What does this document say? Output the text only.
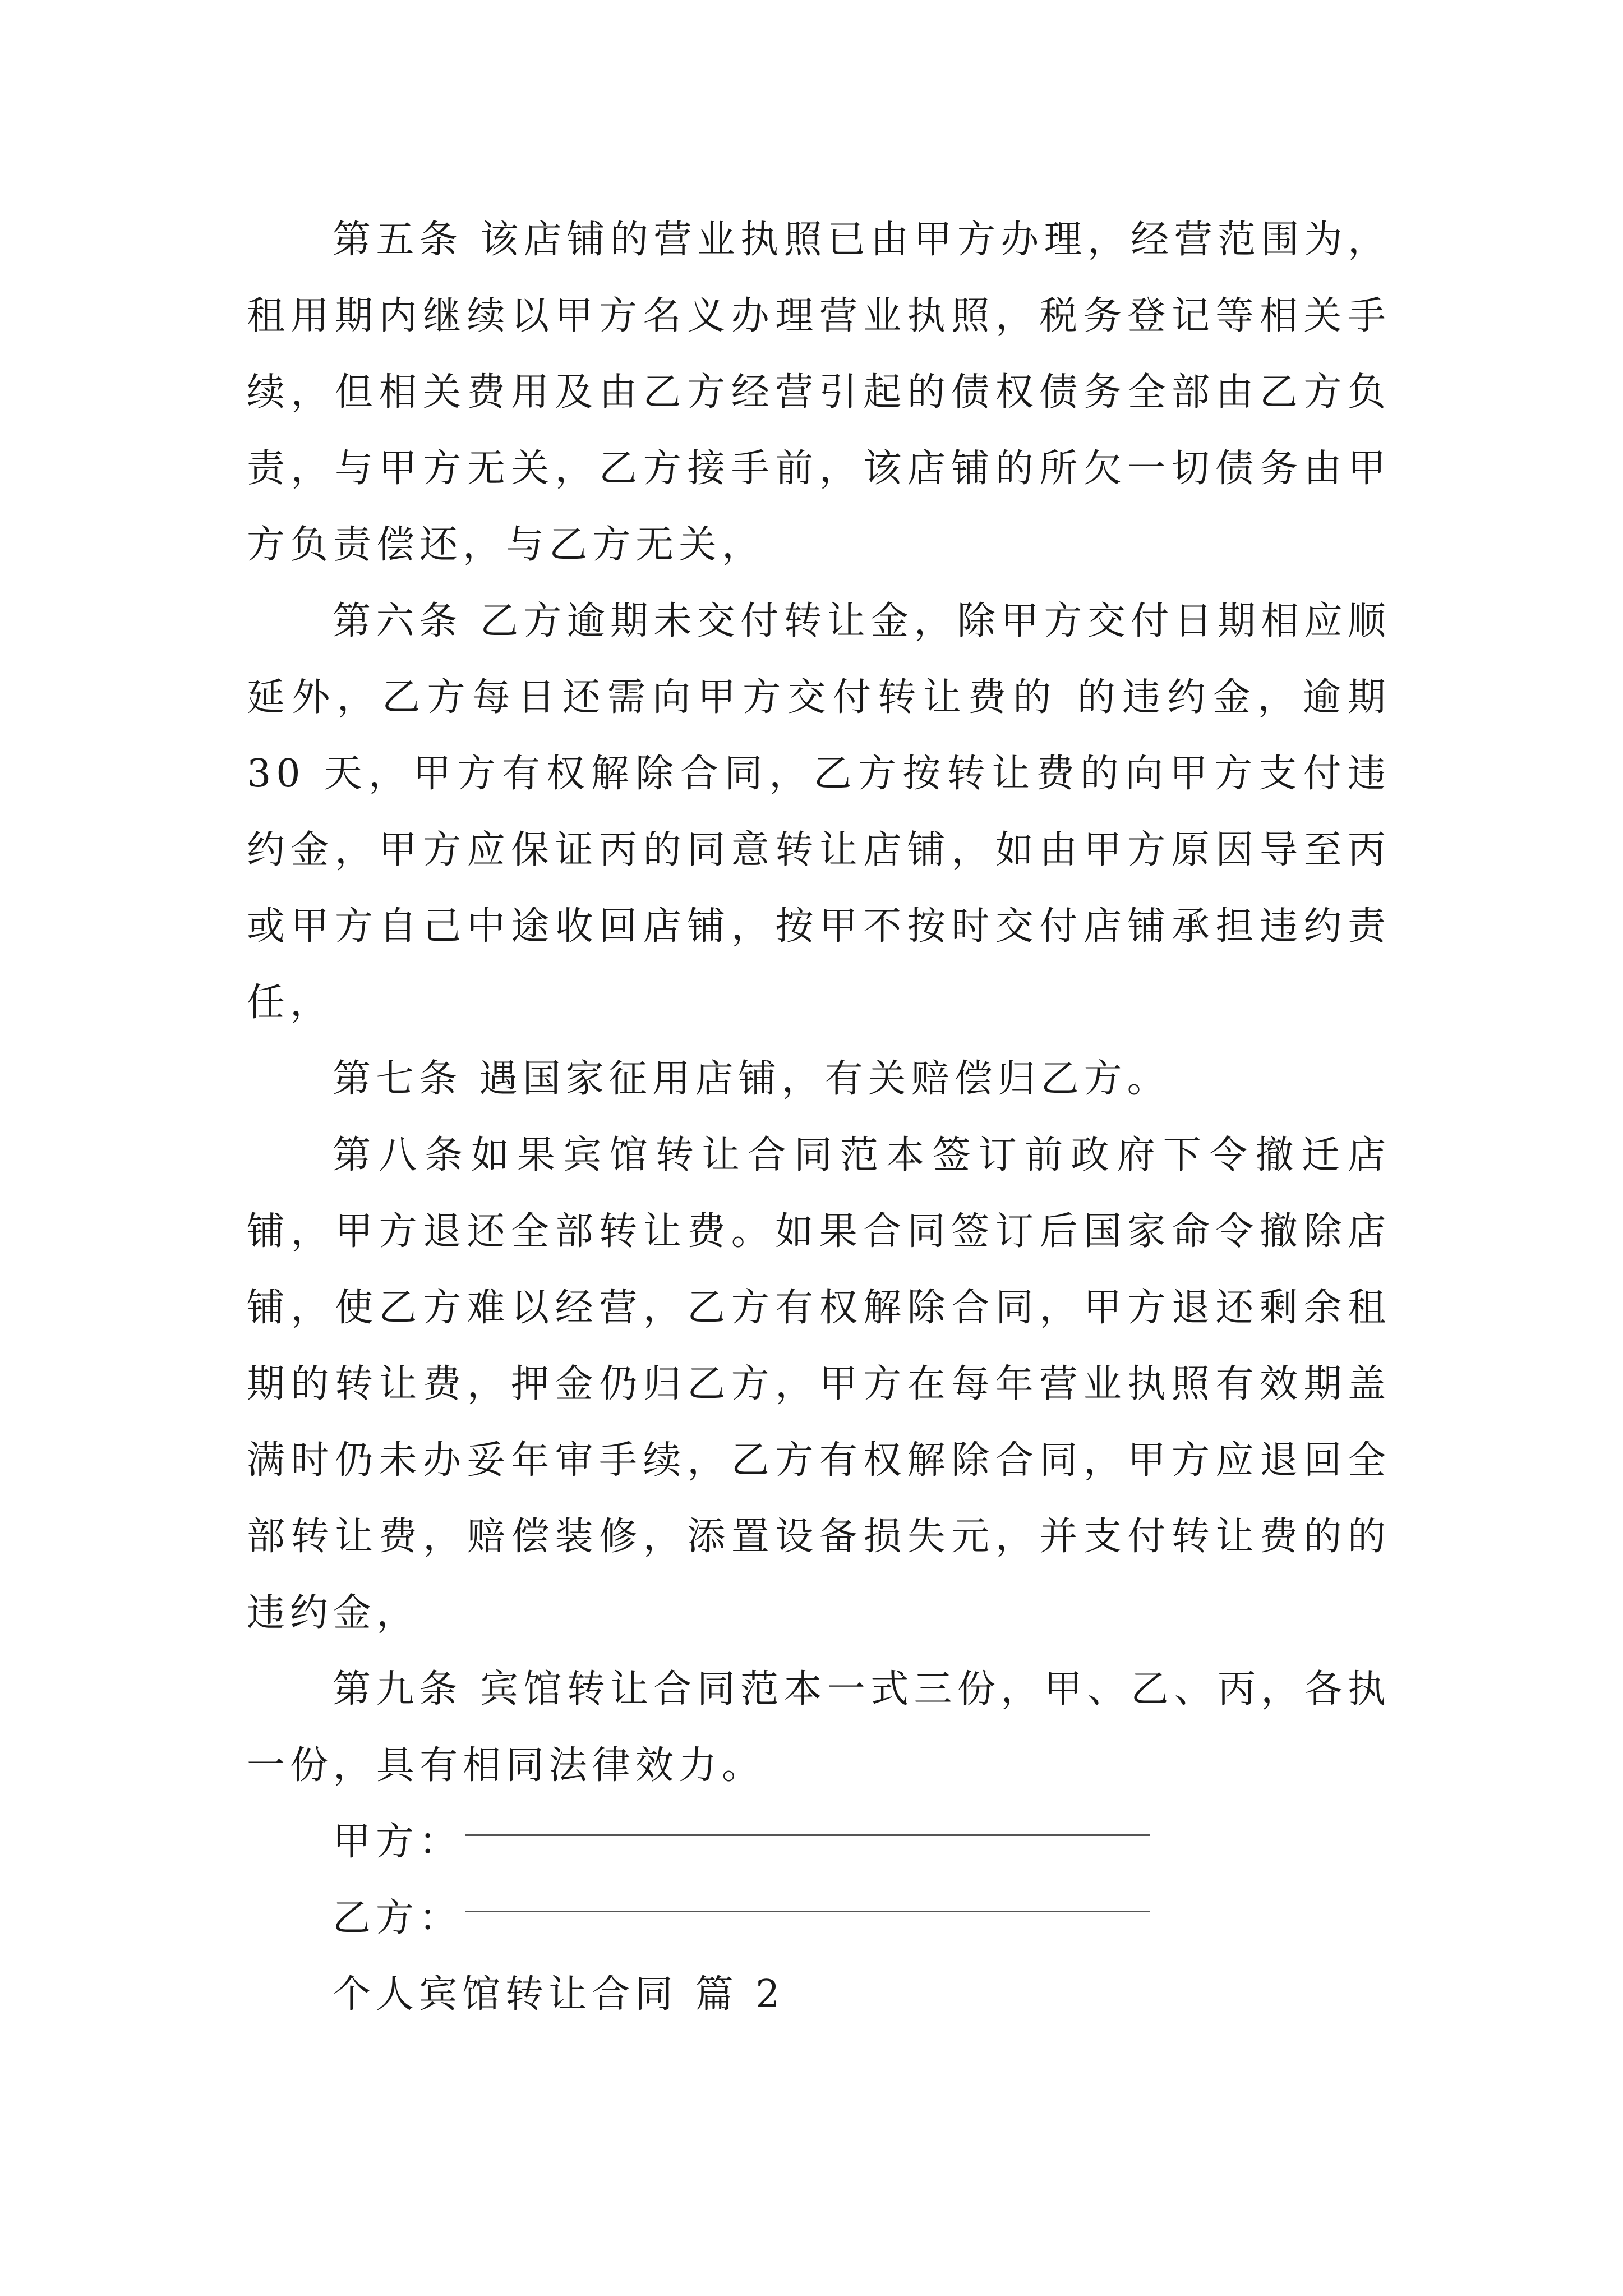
第五条 该店铺的营业执照已由甲方办理，经营范围为，租用期内继续以甲方名义办理营业执照，税务登记等相关手续，但相关费用及由乙方经营引起的债权债务全部由乙方负责，与甲方无关，乙方接手前，该店铺的所欠一切债务由甲方负责偿还，与乙方无关，

第六条 乙方逾期未交付转让金，除甲方交付日期相应顺延外，乙方每日还需向甲方交付转让费的 的违约金，逾期 30 天，甲方有权解除合同，乙方按转让费的向甲方支付违约金，甲方应保证丙的同意转让店铺，如由甲方原因导至丙或甲方自己中途收回店铺，按甲不按时交付店铺承担违约责任，

第七条 遇国家征用店铺，有关赔偿归乙方。

第八条如果宾馆转让合同范本签订前政府下令撤迁店铺，甲方退还全部转让费。如果合同签订后国家命令撤除店铺，使乙方难以经营，乙方有权解除合同，甲方退还剩余租期的转让费，押金仍归乙方，甲方在每年营业执照有效期盖满时仍未办妥年审手续，乙方有权解除合同，甲方应退回全部转让费，赔偿装修，添置设备损失元，并支付转让费的的违约金，

第九条 宾馆转让合同范本一式三份，甲、乙、丙，各执一份，具有相同法律效力。

甲方：
乙方：
个人宾馆转让合同 篇 2
